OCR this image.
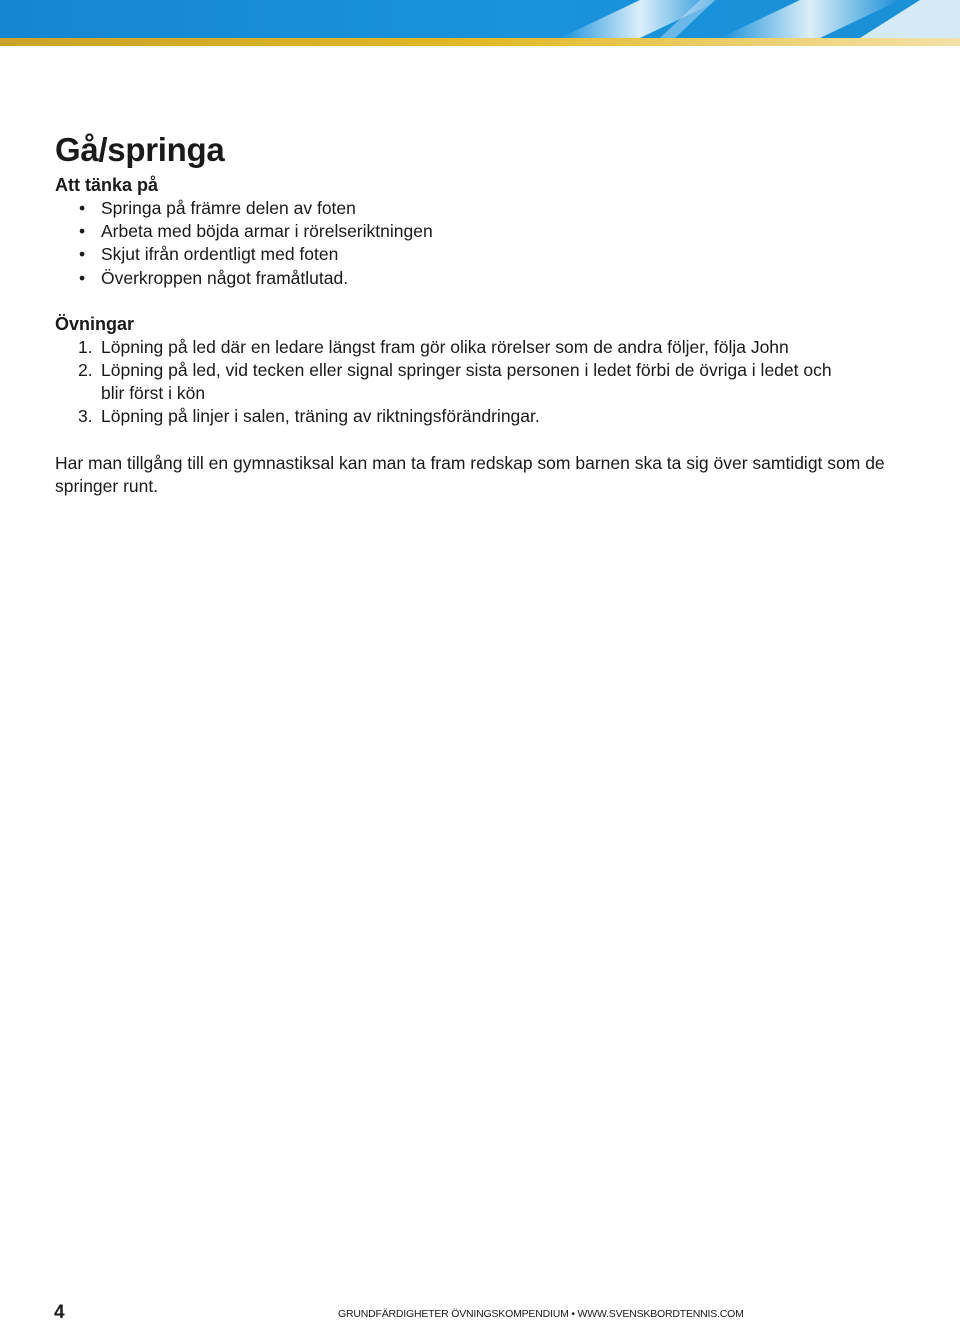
Gå/springa
Att tänka på
• Springa på främre delen av foten
• Arbeta med böjda armar i rörelseriktningen
• Skjut ifrån ordentligt med foten
• Överkroppen något framåtlutad.
Övningar
1. Löpning på led där en ledare längst fram gör olika rörelser som de andra följer, följa John
2. Löpning på led, vid tecken eller signal springer sista personen i ledet förbi de övriga i ledet och blir först i kön
3. Löpning på linjer i salen, träning av riktningsförändringar.

Har man tillgång till en gymnastiksal kan man ta fram redskap som barnen ska ta sig över samtidigt som de springer runt.

4	GRUNDFÄRDIGHETER ÖVNINGSKOMPENDIUM • WWW.SVENSKBORDTENNIS.COM
